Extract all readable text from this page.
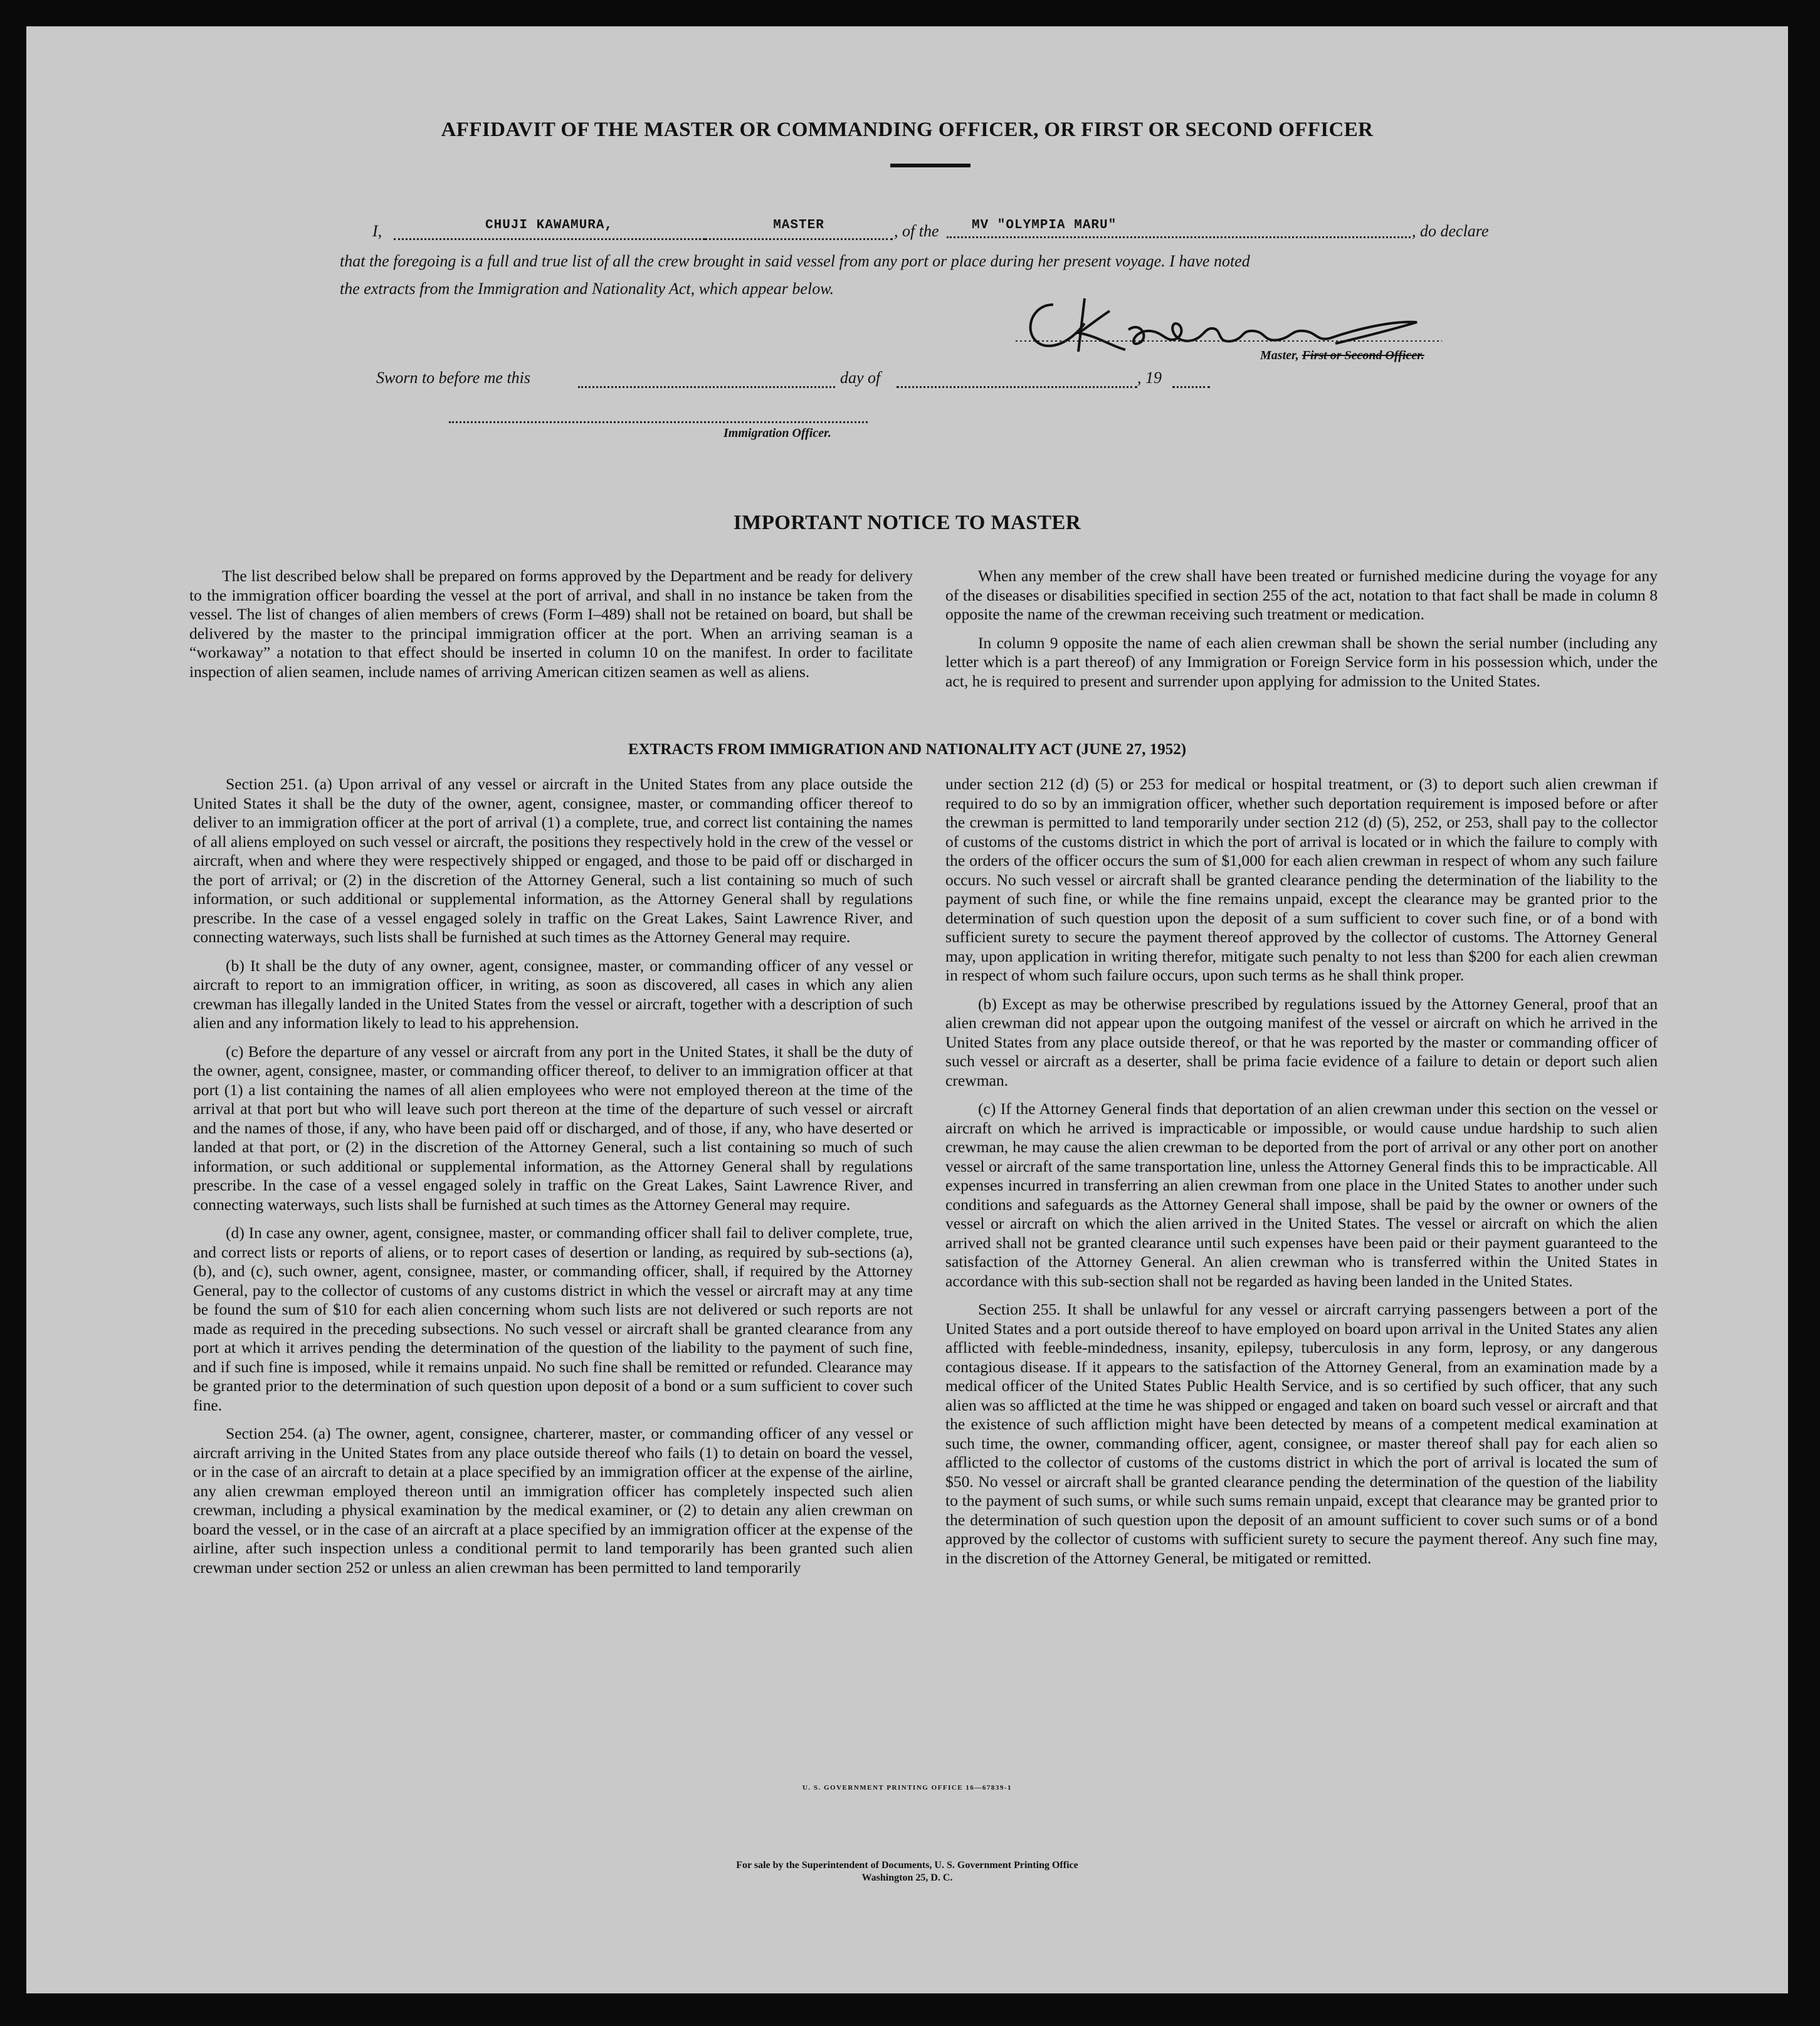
AFFIDAVIT OF THE MASTER OR COMMANDING OFFICER, OR FIRST OR SECOND OFFICER
I,	CHUJI KAWAMURA,	MASTER	, of the	MV "OLYMPIA MARU"	, do declare
that the foregoing is a full and true list of all the crew brought in said vessel from any port or place during her present voyage. I have noted
the extracts from the Immigration and Nationality Act, which appear below.
Master, First or Second Officer.
Sworn to before me this	day of	, 19
Immigration Officer.
IMPORTANT NOTICE TO MASTER

The list described below shall be prepared on forms approved by the Department and be ready for delivery to the immigration officer boarding the vessel at the port of arrival, and shall in no instance be taken from the vessel. The list of changes of alien members of crews (Form I–489) shall not be retained on board, but shall be delivered by the master to the principal immigration officer at the port. When an arriving seaman is a “workaway” a notation to that effect should be inserted in column 10 on the manifest. In order to facilitate inspection of alien seamen, include names of arriving American citizen seamen as well as aliens.

When any member of the crew shall have been treated or furnished medicine during the voyage for any of the diseases or disabilities specified in section 255 of the act, notation to that fact shall be made in column 8 opposite the name of the crewman receiving such treatment or medication.

In column 9 opposite the name of each alien crewman shall be shown the serial number (including any letter which is a part thereof) of any Immigration or Foreign Service form in his possession which, under the act, he is required to present and surrender upon applying for admission to the United States.

EXTRACTS FROM IMMIGRATION AND NATIONALITY ACT (JUNE 27, 1952)

Section 251. (a) Upon arrival of any vessel or aircraft in the United States from any place outside the United States it shall be the duty of the owner, agent, consignee, master, or commanding officer thereof to deliver to an immigration officer at the port of arrival (1) a complete, true, and correct list containing the names of all aliens employed on such vessel or aircraft, the positions they respectively hold in the crew of the vessel or aircraft, when and where they were respectively shipped or engaged, and those to be paid off or discharged in the port of arrival; or (2) in the discretion of the Attorney General, such a list containing so much of such information, or such additional or supplemental information, as the Attorney General shall by regulations prescribe. In the case of a vessel engaged solely in traffic on the Great Lakes, Saint Lawrence River, and connecting waterways, such lists shall be furnished at such times as the Attorney General may require.

(b) It shall be the duty of any owner, agent, consignee, master, or commanding officer of any vessel or aircraft to report to an immigration officer, in writing, as soon as discovered, all cases in which any alien crewman has illegally landed in the United States from the vessel or aircraft, together with a description of such alien and any information likely to lead to his apprehension.

(c) Before the departure of any vessel or aircraft from any port in the United States, it shall be the duty of the owner, agent, consignee, master, or commanding officer thereof, to deliver to an immigration officer at that port (1) a list containing the names of all alien employees who were not employed thereon at the time of the arrival at that port but who will leave such port thereon at the time of the departure of such vessel or aircraft and the names of those, if any, who have been paid off or discharged, and of those, if any, who have deserted or landed at that port, or (2) in the discretion of the Attorney General, such a list containing so much of such information, or such additional or supplemental information, as the Attorney General shall by regulations prescribe. In the case of a vessel engaged solely in traffic on the Great Lakes, Saint Lawrence River, and connecting waterways, such lists shall be furnished at such times as the Attorney General may require.

(d) In case any owner, agent, consignee, master, or commanding officer shall fail to deliver complete, true, and correct lists or reports of aliens, or to report cases of desertion or landing, as required by sub-sections (a), (b), and (c), such owner, agent, consignee, master, or commanding officer, shall, if required by the Attorney General, pay to the collector of customs of any customs district in which the vessel or aircraft may at any time be found the sum of $10 for each alien concerning whom such lists are not delivered or such reports are not made as required in the preceding subsections. No such vessel or aircraft shall be granted clearance from any port at which it arrives pending the determination of the question of the liability to the payment of such fine, and if such fine is imposed, while it remains unpaid. No such fine shall be remitted or refunded. Clearance may be granted prior to the determination of such question upon deposit of a bond or a sum sufficient to cover such fine.

Section 254. (a) The owner, agent, consignee, charterer, master, or commanding officer of any vessel or aircraft arriving in the United States from any place outside thereof who fails (1) to detain on board the vessel, or in the case of an aircraft to detain at a place specified by an immigration officer at the expense of the airline, any alien crewman employed thereon until an immigration officer has completely inspected such alien crewman, including a physical examination by the medical examiner, or (2) to detain any alien crewman on board the vessel, or in the case of an aircraft at a place specified by an immigration officer at the expense of the airline, after such inspection unless a conditional permit to land temporarily has been granted such alien crewman under section 252 or unless an alien crewman has been permitted to land temporarily

under section 212 (d) (5) or 253 for medical or hospital treatment, or (3) to deport such alien crewman if required to do so by an immigration officer, whether such deportation requirement is imposed before or after the crewman is permitted to land temporarily under section 212 (d) (5), 252, or 253, shall pay to the collector of customs of the customs district in which the port of arrival is located or in which the failure to comply with the orders of the officer occurs the sum of $1,000 for each alien crewman in respect of whom any such failure occurs. No such vessel or aircraft shall be granted clearance pending the determination of the liability to the payment of such fine, or while the fine remains unpaid, except the clearance may be granted prior to the determination of such question upon the deposit of a sum sufficient to cover such fine, or of a bond with sufficient surety to secure the payment thereof approved by the collector of customs. The Attorney General may, upon application in writing therefor, mitigate such penalty to not less than $200 for each alien crewman in respect of whom such failure occurs, upon such terms as he shall think proper.

(b) Except as may be otherwise prescribed by regulations issued by the Attorney General, proof that an alien crewman did not appear upon the outgoing manifest of the vessel or aircraft on which he arrived in the United States from any place outside thereof, or that he was reported by the master or commanding officer of such vessel or aircraft as a deserter, shall be prima facie evidence of a failure to detain or deport such alien crewman.

(c) If the Attorney General finds that deportation of an alien crewman under this section on the vessel or aircraft on which he arrived is impracticable or impossible, or would cause undue hardship to such alien crewman, he may cause the alien crewman to be deported from the port of arrival or any other port on another vessel or aircraft of the same transportation line, unless the Attorney General finds this to be impracticable. All expenses incurred in transferring an alien crewman from one place in the United States to another under such conditions and safeguards as the Attorney General shall impose, shall be paid by the owner or owners of the vessel or aircraft on which the alien arrived in the United States. The vessel or aircraft on which the alien arrived shall not be granted clearance until such expenses have been paid or their payment guaranteed to the satisfaction of the Attorney General. An alien crewman who is transferred within the United States in accordance with this sub-section shall not be regarded as having been landed in the United States.

Section 255. It shall be unlawful for any vessel or aircraft carrying passengers between a port of the United States and a port outside thereof to have employed on board upon arrival in the United States any alien afflicted with feeble-mindedness, insanity, epilepsy, tuberculosis in any form, leprosy, or any dangerous contagious disease. If it appears to the satisfaction of the Attorney General, from an examination made by a medical officer of the United States Public Health Service, and is so certified by such officer, that any such alien was so afflicted at the time he was shipped or engaged and taken on board such vessel or aircraft and that the existence of such affliction might have been detected by means of a competent medical examination at such time, the owner, commanding officer, agent, consignee, or master thereof shall pay for each alien so afflicted to the collector of customs of the customs district in which the port of arrival is located the sum of $50. No vessel or aircraft shall be granted clearance pending the determination of the question of the liability to the payment of such sums, or while such sums remain unpaid, except that clearance may be granted prior to the determination of such question upon the deposit of an amount sufficient to cover such sums or of a bond approved by the collector of customs with sufficient surety to secure the payment thereof. Any such fine may, in the discretion of the Attorney General, be mitigated or remitted.

U. S. GOVERNMENT PRINTING OFFICE 16—67839-1
For sale by the Superintendent of Documents, U. S. Government Printing Office
Washington 25, D. C.
